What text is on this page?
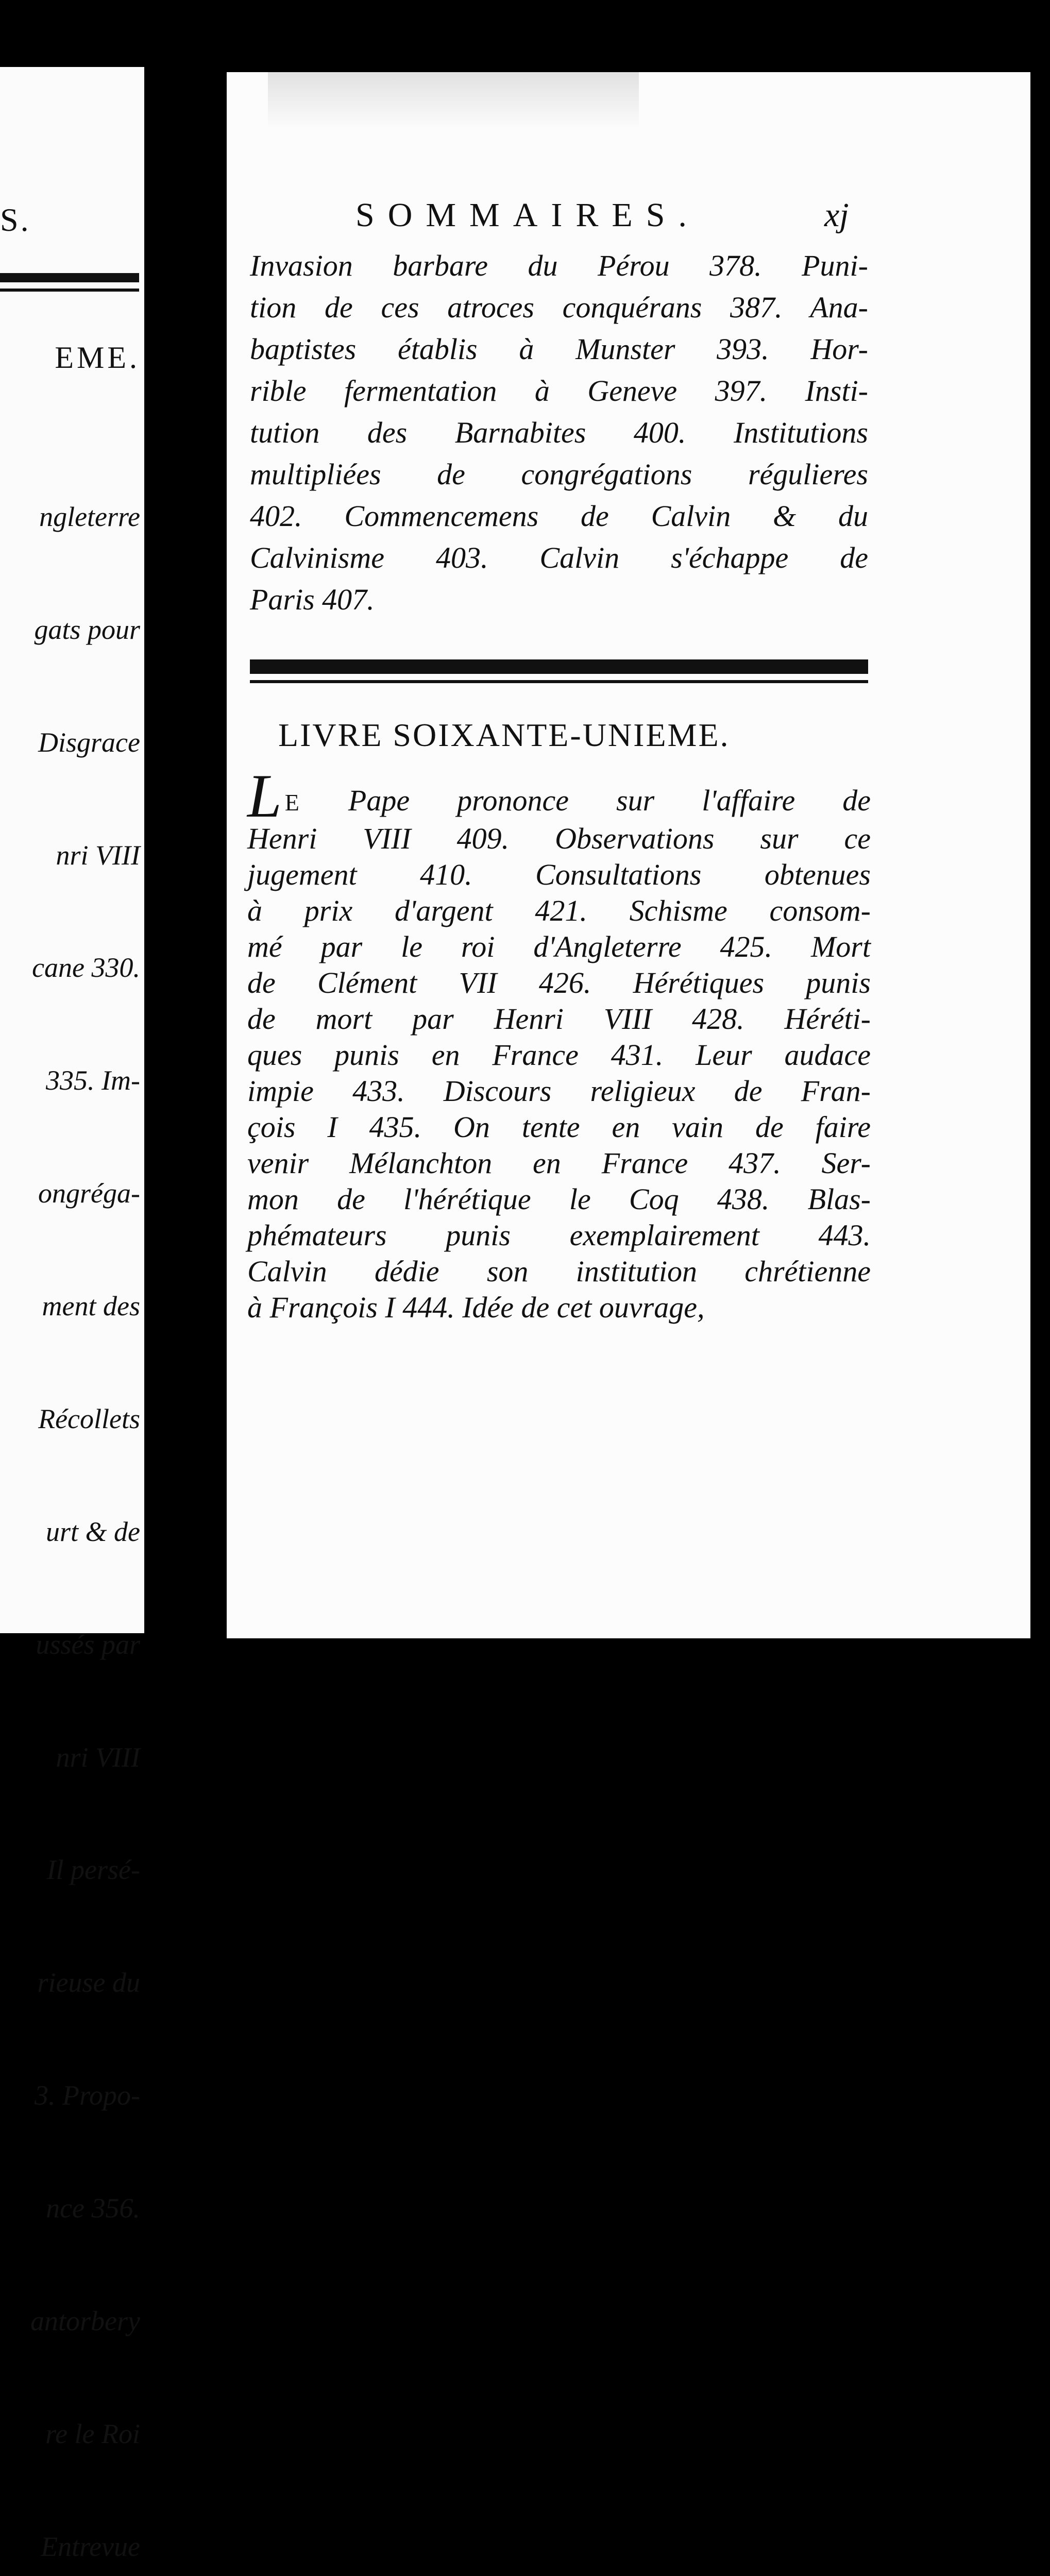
S.
EME.

ngleterre

gats pour

Disgrace

nri VIII

cane 330.

335. Im-

ongréga-

ment des

Récollets

urt & de

ussés par

nri VIII

Il persé-

rieuse du

3. Propo-

nce 356.

antorbery

re le Roi

Entrevue

SOMMAIRES.	xj
Invasion barbare du Pérou 378. Puni-
tion de ces atroces conquérans 387. Ana-
baptistes établis à Munster 393. Hor-
rible fermentation à Geneve 397. Insti-
tution des Barnabites 400. Institutions
multipliées de congrégations régulieres
402. Commencemens de Calvin & du
Calvinisme 403. Calvin s'échappe de
Paris 407.
LIVRE SOIXANTE-UNIEME.
L E Pape prononce sur l'affaire de
Henri VIII 409. Observations sur ce
jugement 410. Consultations obtenues
à prix d'argent 421. Schisme consom-
mé par le roi d'Angleterre 425. Mort
de Clément VII 426. Hérétiques punis
de mort par Henri VIII 428. Héréti-
ques punis en France 431. Leur audace
impie 433. Discours religieux de Fran-
çois I 435. On tente en vain de faire
venir Mélanchton en France 437. Ser-
mon de l'hérétique le Coq 438. Blas-
phémateurs punis exemplairement 443.
Calvin dédie son institution chrétienne
à François I 444. Idée de cet ouvrage,
